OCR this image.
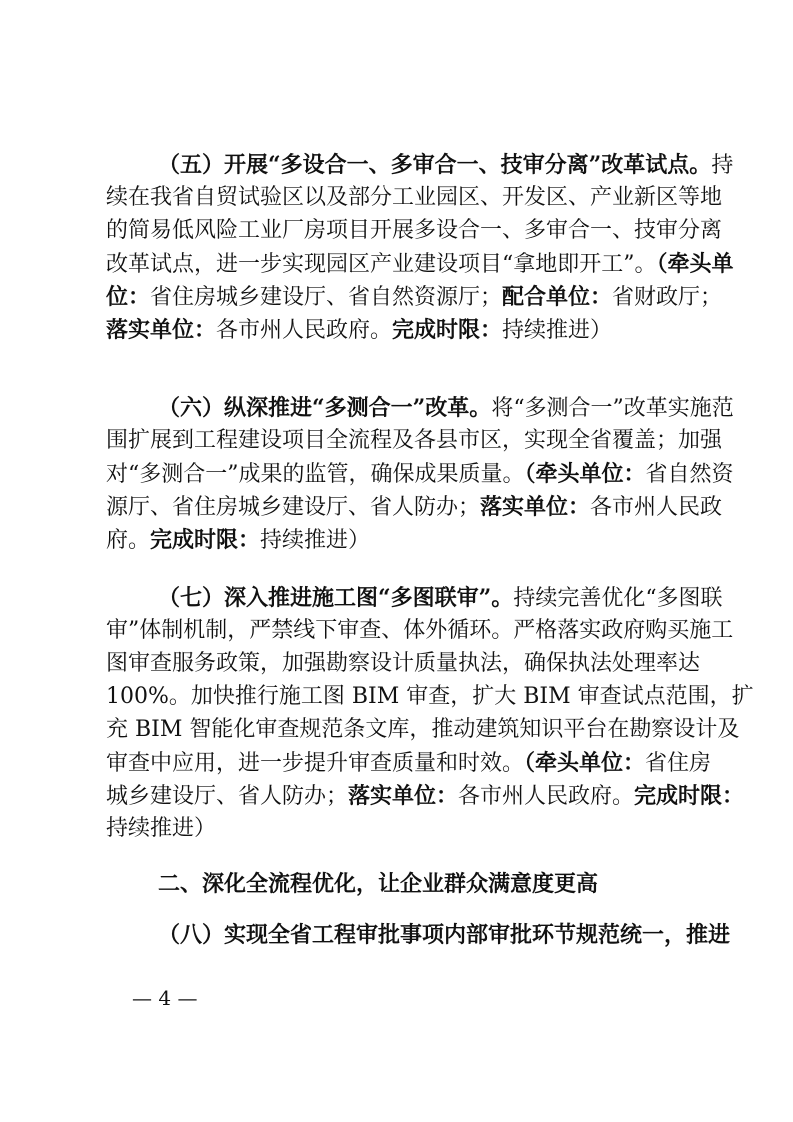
（五）开展“多设合一、多审合一、技审分离”改革试点。持
续在我省自贸试验区以及部分工业园区、开发区、产业新区等地
的简易低风险工业厂房项目开展多设合一、多审合一、技审分离
改革试点，进一步实现园区产业建设项目“拿地即开工”。（牵头单
位：省住房城乡建设厅、省自然资源厅；配合单位：省财政厅；
落实单位：各市州人民政府。完成时限：持续推进）
（六）纵深推进“多测合一”改革。将“多测合一”改革实施范
围扩展到工程建设项目全流程及各县市区，实现全省覆盖；加强
对“多测合一”成果的监管，确保成果质量。（牵头单位：省自然资
源厅、省住房城乡建设厅、省人防办；落实单位：各市州人民政
府。完成时限：持续推进）
（七）深入推进施工图“多图联审”。持续完善优化“多图联
审”体制机制，严禁线下审查、体外循环。严格落实政府购买施工
图审查服务政策，加强勘察设计质量执法，确保执法处理率达
100%。加快推行施工图 BIM 审查，扩大 BIM 审查试点范围，扩
充 BIM 智能化审查规范条文库，推动建筑知识平台在勘察设计及
审查中应用，进一步提升审查质量和时效。（牵头单位：省住房
城乡建设厅、省人防办；落实单位：各市州人民政府。完成时限：
持续推进）
二、深化全流程优化，让企业群众满意度更高
（八）实现全省工程审批事项内部审批环节规范统一，推进
— 4 —
